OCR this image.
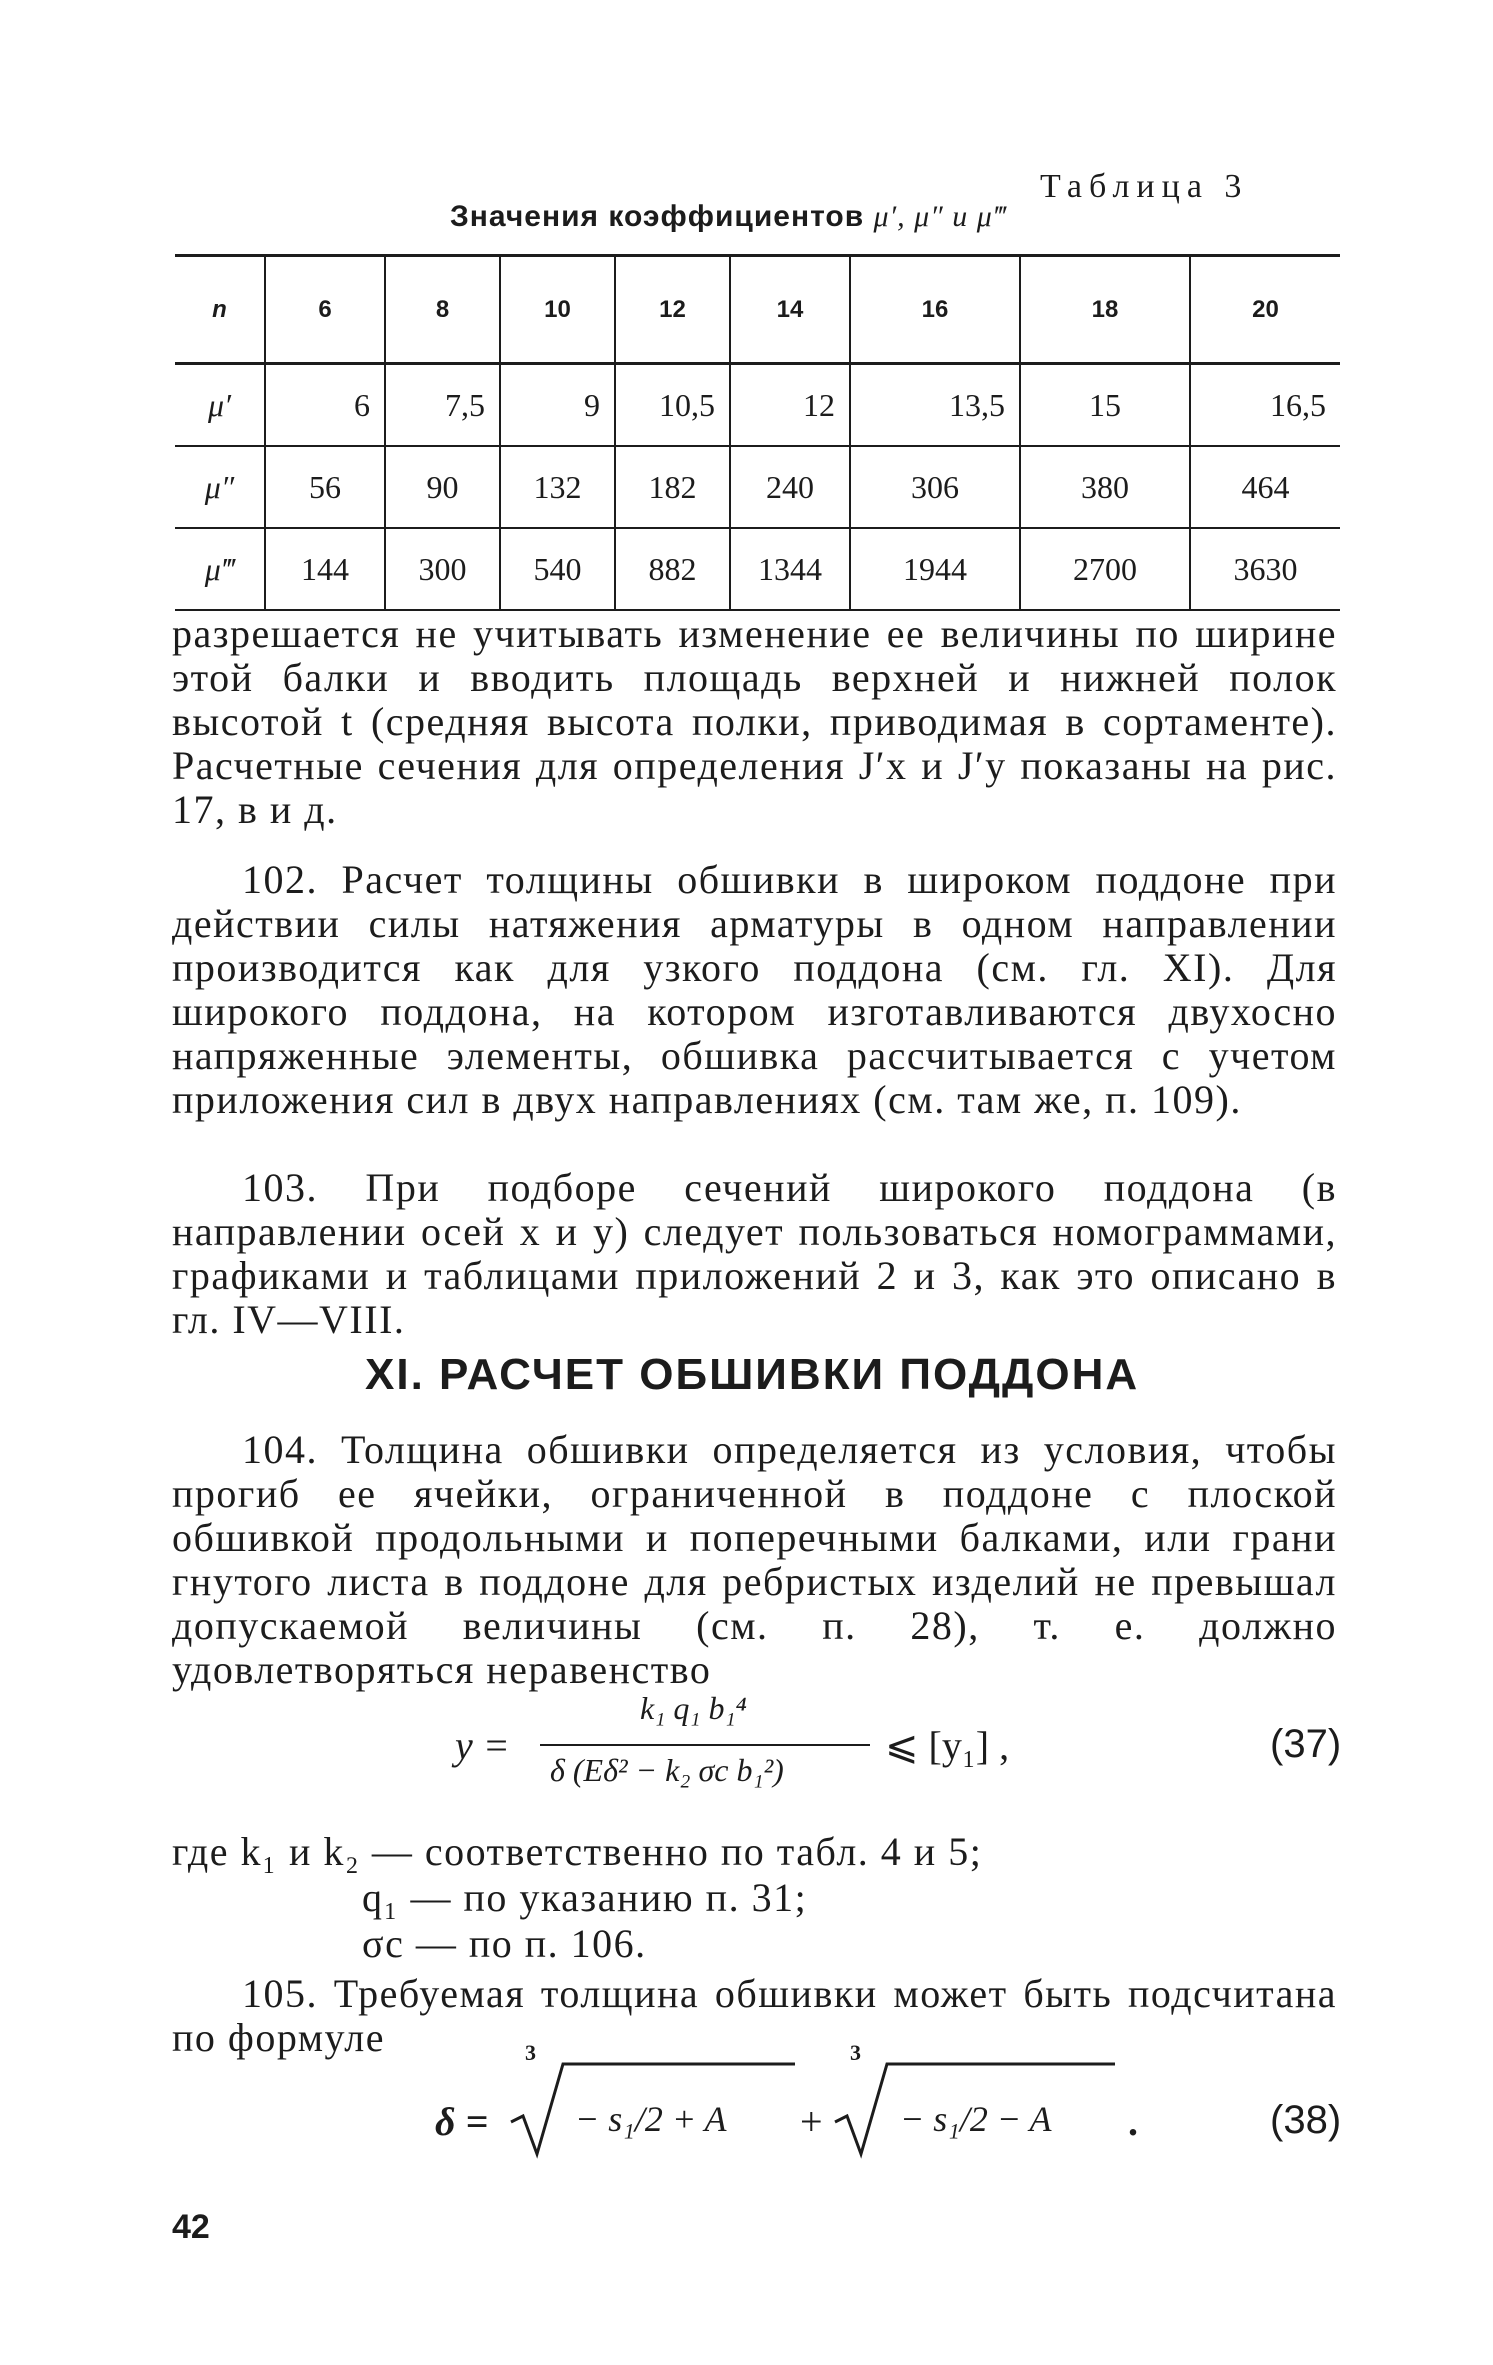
Таблица 3
Значения коэффициентов μ′, μ″ и μ‴
n	6	8	10	12	14	16	18	20
μ′	6	7,5	9	10,5	12	13,5	15	16,5
μ″	56	90	132	182	240	306	380	464
μ‴	144	300	540	882	1344	1944	2700	3630
разрешается не учитывать изменение ее величины по ширине этой балки и вводить площадь верхней и нижней полок высотой t (средняя высота полки, приводимая в сортаменте). Расчетные сечения для определения J′x и J′y показаны на рис. 17, в и д.
102. Расчет толщины обшивки в широком поддоне при действии силы натяжения арматуры в одном направлении производится как для узкого поддона (см. гл. XI). Для широкого поддона, на котором изготавливаются двухосно напряженные элементы, обшивка рассчитывается с учетом приложения сил в двух направлениях (см. там же, п. 109).
103. При подборе сечений широкого поддона (в направлении осей x и y) следует пользоваться номограммами, графиками и таблицами приложений 2 и 3, как это описано в гл. IV—VIII.
XI. РАСЧЕТ ОБШИВКИ ПОДДОНА
104. Толщина обшивки определяется из условия, чтобы прогиб ее ячейки, ограниченной в поддоне с плоской обшивкой продольными и поперечными балками, или грани гнутого листа в поддоне для ребристых изделий не превышал допускаемой величины (см. п. 28), т. е. должно удовлетворяться неравенство
y =
k₁ q₁ b₁⁴
δ (Eδ² − k₂ σc b₁²)
⩽ [y₁] ,	(37)
где k₁ и k₂ — соответственно по табл. 4 и 5;
q₁ — по указанию п. 31;
σc — по п. 106.
105. Требуемая толщина обшивки может быть подсчитана по формуле
δ =
3	3
− s₁/2 + A + − s₁/2 − A .	(38)
42
